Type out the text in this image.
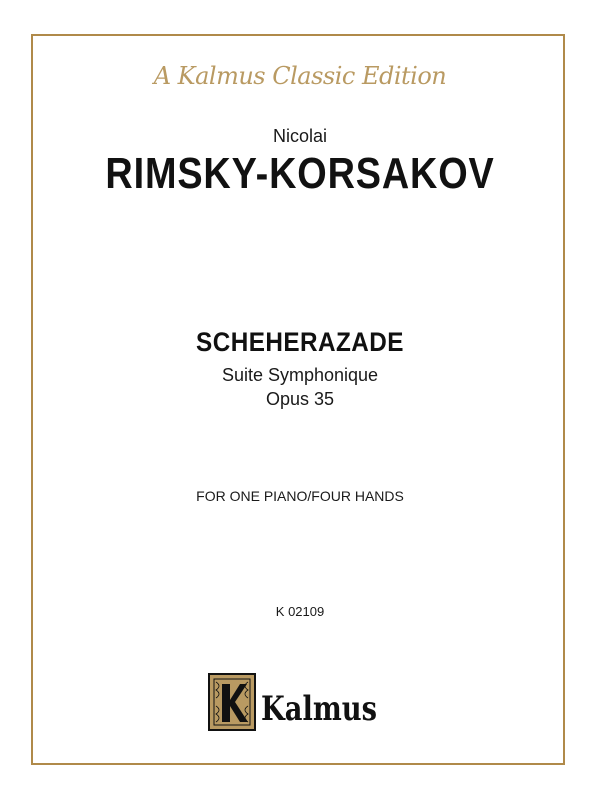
A Kalmus Classic Edition
Nicolai
RIMSKY-KORSAKOV
SCHEHERAZADE
Suite Symphonique
Opus 35
FOR ONE PIANO/FOUR HANDS
K 02109
Kalmus
